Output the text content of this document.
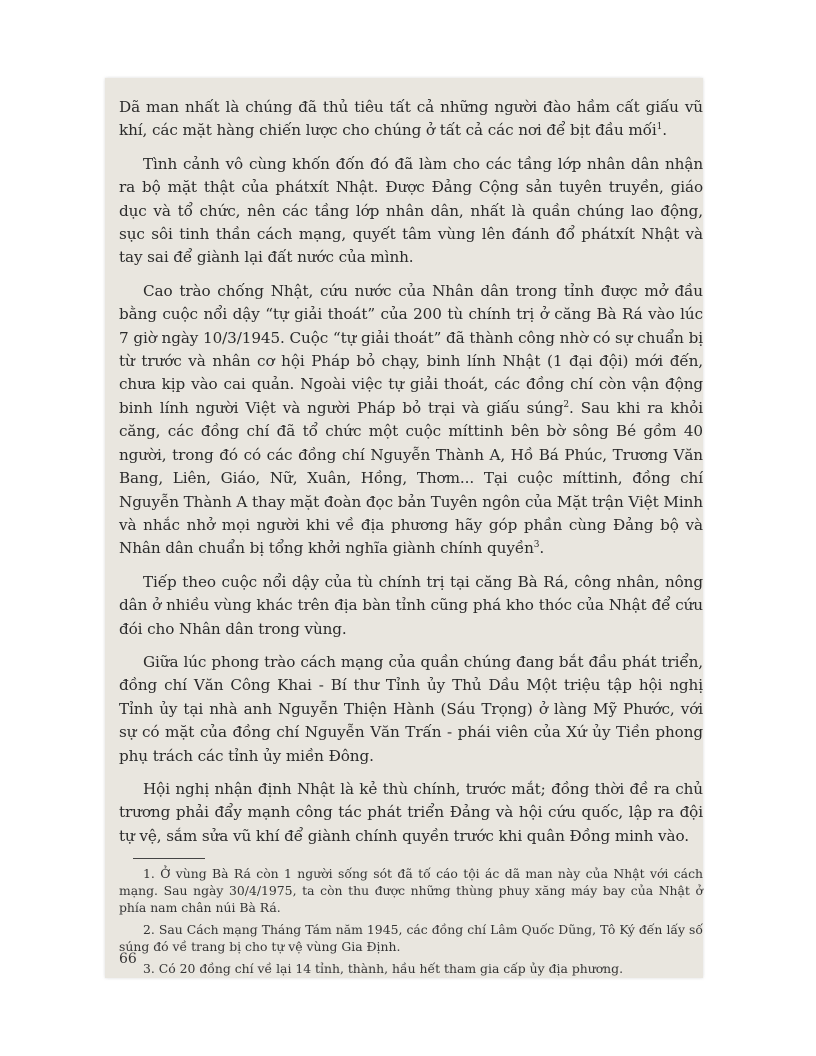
Dã man nhất là chúng đã thủ tiêu tất cả những người đào hầm cất giấu vũ khí, các mặt hàng chiến lược cho chúng ở tất cả các nơi để bịt đầu mối$^1$.

Tình cảnh vô cùng khốn đốn đó đã làm cho các tầng lớp nhân dân nhận ra bộ mặt thật của phátxít Nhật. Được Đảng Cộng sản tuyên truyền, giáo dục và tổ chức, nên các tầng lớp nhân dân, nhất là quần chúng lao động, sục sôi tinh thần cách mạng, quyết tâm vùng lên đánh đổ phátxít Nhật và tay sai để giành lại đất nước của mình.

Cao trào chống Nhật, cứu nước của Nhân dân trong tỉnh được mở đầu bằng cuộc nổi dậy “tự giải thoát” của 200 tù chính trị ở căng Bà Rá vào lúc 7 giờ ngày 10/3/1945. Cuộc “tự giải thoát” đã thành công nhờ có sự chuẩn bị từ trước và nhân cơ hội Pháp bỏ chạy, binh lính Nhật (1 đại đội) mới đến, chưa kịp vào cai quản. Ngoài việc tự giải thoát, các đồng chí còn vận động binh lính người Việt và người Pháp bỏ trại và giấu súng$^2$. Sau khi ra khỏi căng, các đồng chí đã tổ chức một cuộc míttinh bên bờ sông Bé gồm 40 người, trong đó có các đồng chí Nguyễn Thành A, Hồ Bá Phúc, Trương Văn Bang, Liên, Giáo, Nữ, Xuân, Hồng, Thơm... Tại cuộc míttinh, đồng chí Nguyễn Thành A thay mặt đoàn đọc bản Tuyên ngôn của Mặt trận Việt Minh và nhắc nhở mọi người khi về địa phương hãy góp phần cùng Đảng bộ và Nhân dân chuẩn bị tổng khởi nghĩa giành chính quyền$^3$.

Tiếp theo cuộc nổi dậy của tù chính trị tại căng Bà Rá, công nhân, nông dân ở nhiều vùng khác trên địa bàn tỉnh cũng phá kho thóc của Nhật để cứu đói cho Nhân dân trong vùng.

Giữa lúc phong trào cách mạng của quần chúng đang bắt đầu phát triển, đồng chí Văn Công Khai - Bí thư Tỉnh ủy Thủ Dầu Một triệu tập hội nghị Tỉnh ủy tại nhà anh Nguyễn Thiện Hành (Sáu Trọng) ở làng Mỹ Phước, với sự có mặt của đồng chí Nguyễn Văn Trấn - phái viên của Xứ ủy Tiền phong phụ trách các tỉnh ủy miền Đông.

Hội nghị nhận định Nhật là kẻ thù chính, trước mắt; đồng thời đề ra chủ trương phải đẩy mạnh công tác phát triển Đảng và hội cứu quốc, lập ra đội tự vệ, sắm sửa vũ khí để giành chính quyền trước khi quân Đồng minh vào.

1. Ở vùng Bà Rá còn 1 người sống sót đã tố cáo tội ác dã man này của Nhật với cách mạng. Sau ngày 30/4/1975, ta còn thu được những thùng phuy xăng máy bay của Nhật ở phía nam chân núi Bà Rá.

2. Sau Cách mạng Tháng Tám năm 1945, các đồng chí Lâm Quốc Dũng, Tô Ký đến lấy số súng đó về trang bị cho tự vệ vùng Gia Định.

3. Có 20 đồng chí về lại 14 tỉnh, thành, hầu hết tham gia cấp ủy địa phương.

66
